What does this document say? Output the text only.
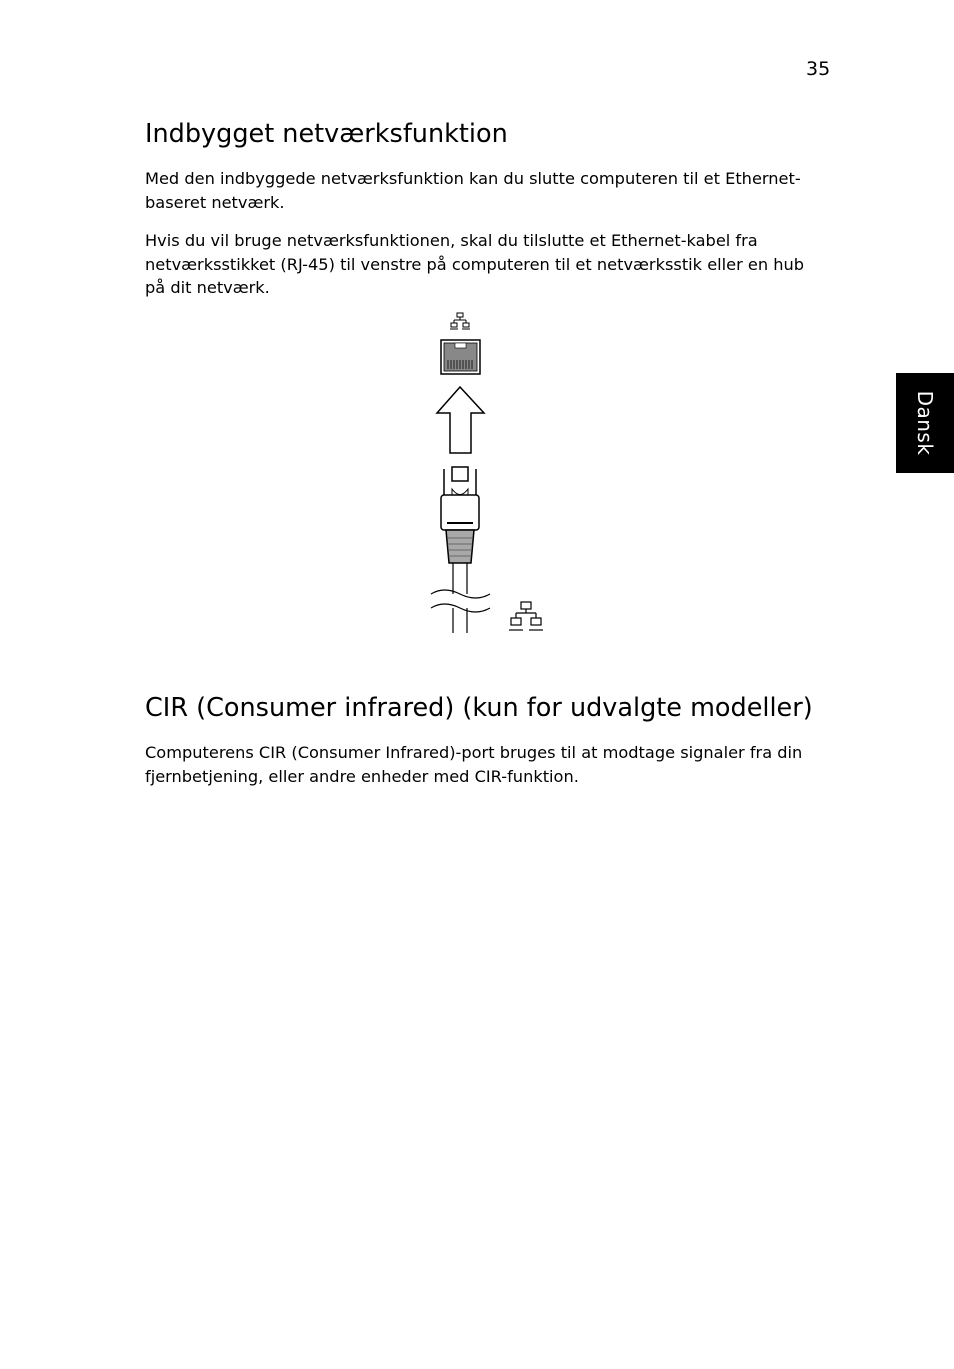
35
Dansk
Indbygget netværksfunktion

Med den indbyggede netværksfunktion kan du slutte computeren til et Ethernet-baseret netværk.

Hvis du vil bruge netværksfunktionen, skal du tilslutte et Ethernet-kabel fra netværksstikket (RJ-45) til venstre på computeren til et netværksstik eller en hub på dit netværk.

CIR (Consumer infrared) (kun for udvalgte modeller)

Computerens CIR (Consumer Infrared)-port bruges til at modtage signaler fra din fjernbetjening, eller andre enheder med CIR-funktion.
